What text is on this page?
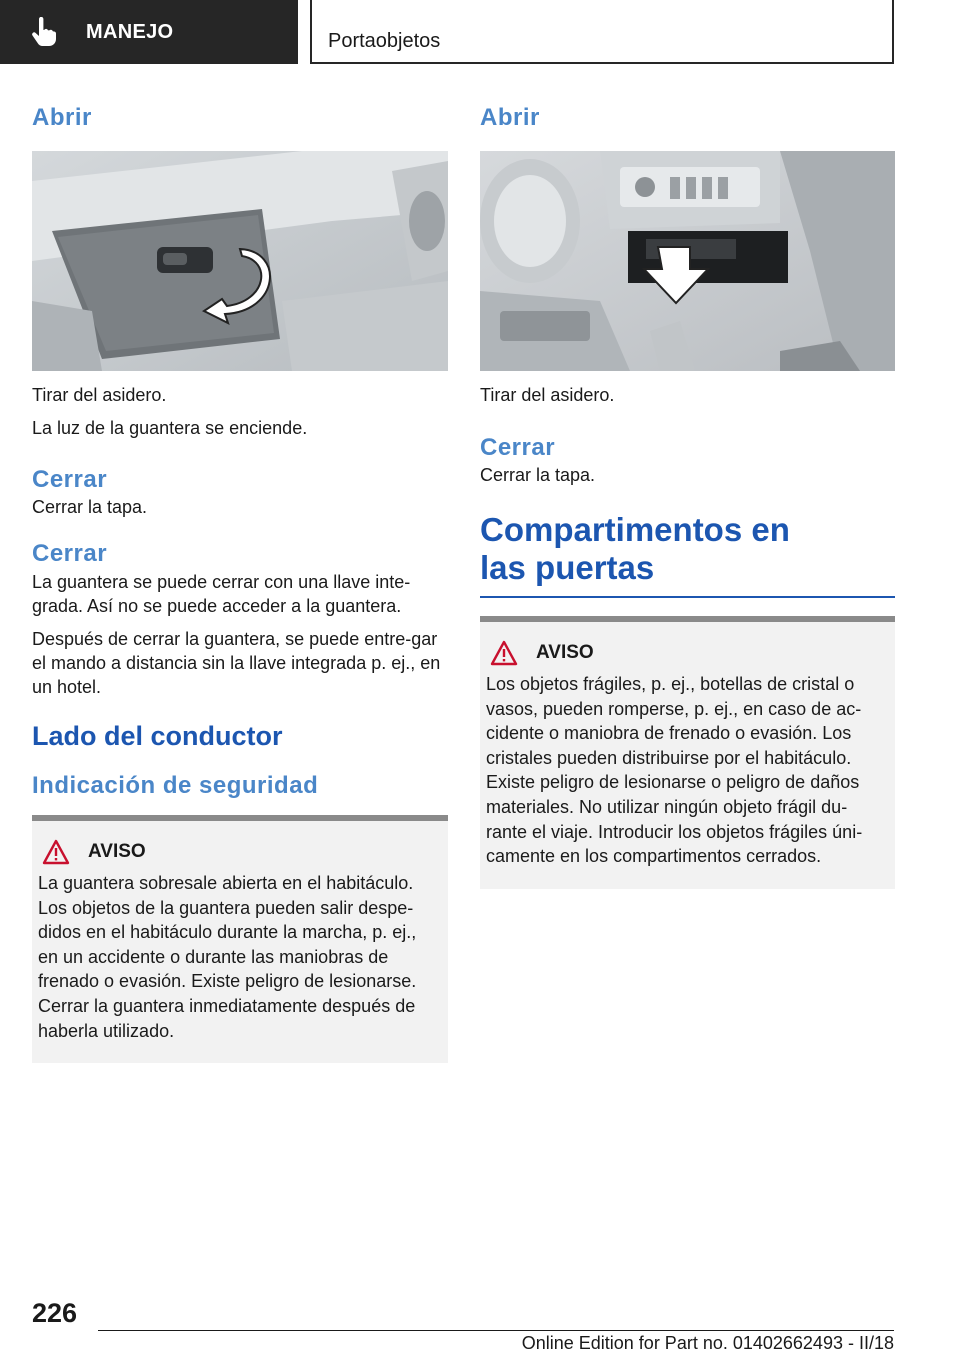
MANEJO	Portaobjetos
Abrir

Tirar del asidero.

La luz de la guantera se enciende.

Cerrar

Cerrar la tapa.

Cerrar

La guantera se puede cerrar con una llave inte‐grada. Así no se puede acceder a la guantera.

Después de cerrar la guantera, se puede entre‐gar el mando a distancia sin la llave integrada p. ej., en un hotel.

Lado del conductor
Indicación de seguridad
AVISO

La guantera sobresale abierta en el habitáculo. Los objetos de la guantera pueden salir despe‐didos en el habitáculo durante la marcha, p. ej., en un accidente o durante las maniobras de frenado o evasión. Existe peligro de lesionarse. Cerrar la guantera inmediatamente después de haberla utilizado.

Abrir

Tirar del asidero.

Cerrar

Cerrar la tapa.

Compartimentos en las puertas
AVISO

Los objetos frágiles, p. ej., botellas de cristal o vasos, pueden romperse, p. ej., en caso de ac‐cidente o maniobra de frenado o evasión. Los cristales pueden distribuirse por el habitáculo. Existe peligro de lesionarse o peligro de daños materiales. No utilizar ningún objeto frágil du‐rante el viaje. Introducir los objetos frágiles úni‐camente en los compartimentos cerrados.

226
Online Edition for Part no. 01402662493 - II/18
